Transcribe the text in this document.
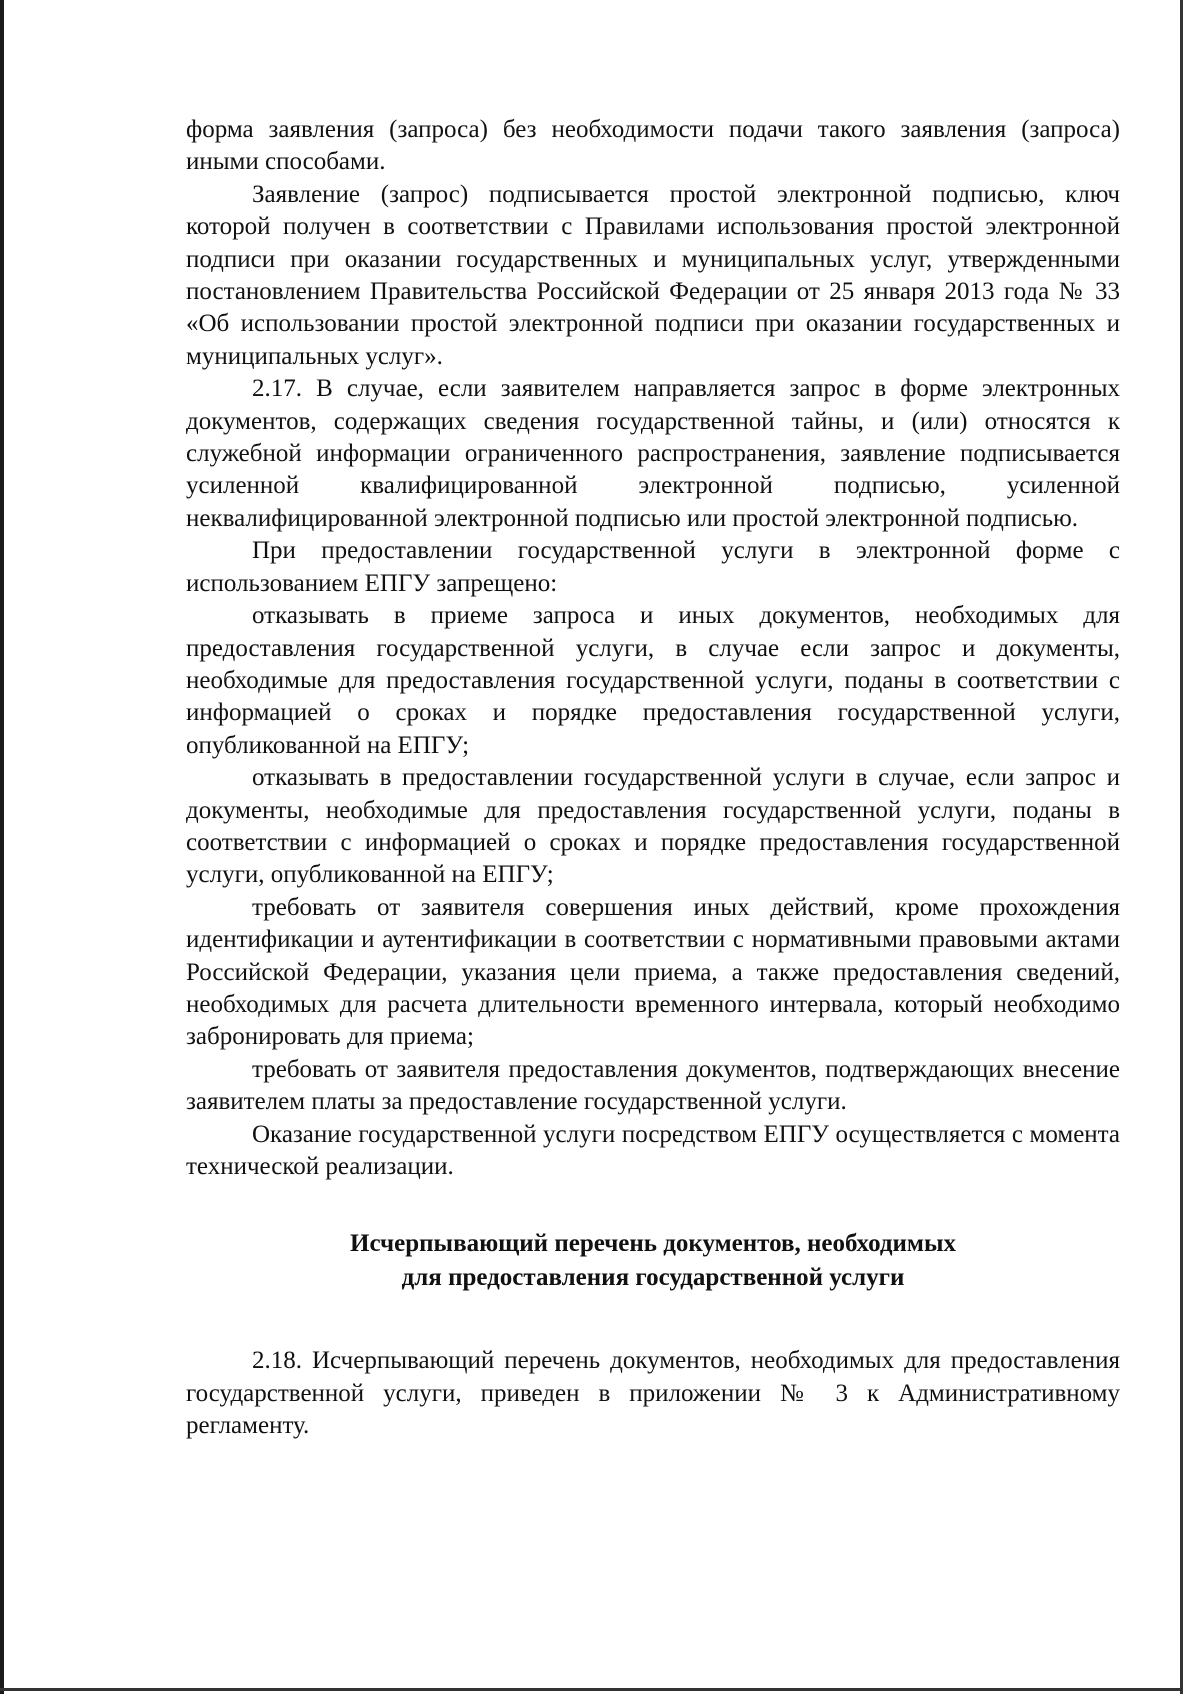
форма заявления (запроса) без необходимости подачи такого заявления (запроса) иными способами.

Заявление (запрос) подписывается простой электронной подписью, ключ которой получен в соответствии с Правилами использования простой электронной подписи при оказании государственных и муниципальных услуг, утвержденными постановлением Правительства Российской Федерации от 25 января 2013 года № 33 «Об использовании простой электронной подписи при оказании государственных и муниципальных услуг».

2.17. В случае, если заявителем направляется запрос в форме электронных документов, содержащих сведения государственной тайны, и (или) относятся к служебной информации ограниченного распространения, заявление подписывается усиленной квалифицированной электронной подписью, усиленной неквалифицированной электронной подписью или простой электронной подписью.

При предоставлении государственной услуги в электронной форме с использованием ЕПГУ запрещено:

отказывать в приеме запроса и иных документов, необходимых для предоставления государственной услуги, в случае если запрос и документы, необходимые для предоставления государственной услуги, поданы в соответствии с информацией о сроках и порядке предоставления государственной услуги, опубликованной на ЕПГУ;

отказывать в предоставлении государственной услуги в случае, если запрос и документы, необходимые для предоставления государственной услуги, поданы в соответствии с информацией о сроках и порядке предоставления государственной услуги, опубликованной на ЕПГУ;

требовать от заявителя совершения иных действий, кроме прохождения идентификации и аутентификации в соответствии с нормативными правовыми актами Российской Федерации, указания цели приема, а также предоставления сведений, необходимых для расчета длительности временного интервала, который необходимо забронировать для приема;

требовать от заявителя предоставления документов, подтверждающих внесение заявителем платы за предоставление государственной услуги.

Оказание государственной услуги посредством ЕПГУ осуществляется с момента технической реализации.

Исчерпывающий перечень документов, необходимых
для предоставления государственной услуги

2.18. Исчерпывающий перечень документов, необходимых для предоставления государственной услуги, приведен в приложении № 3 к Административному регламенту.
